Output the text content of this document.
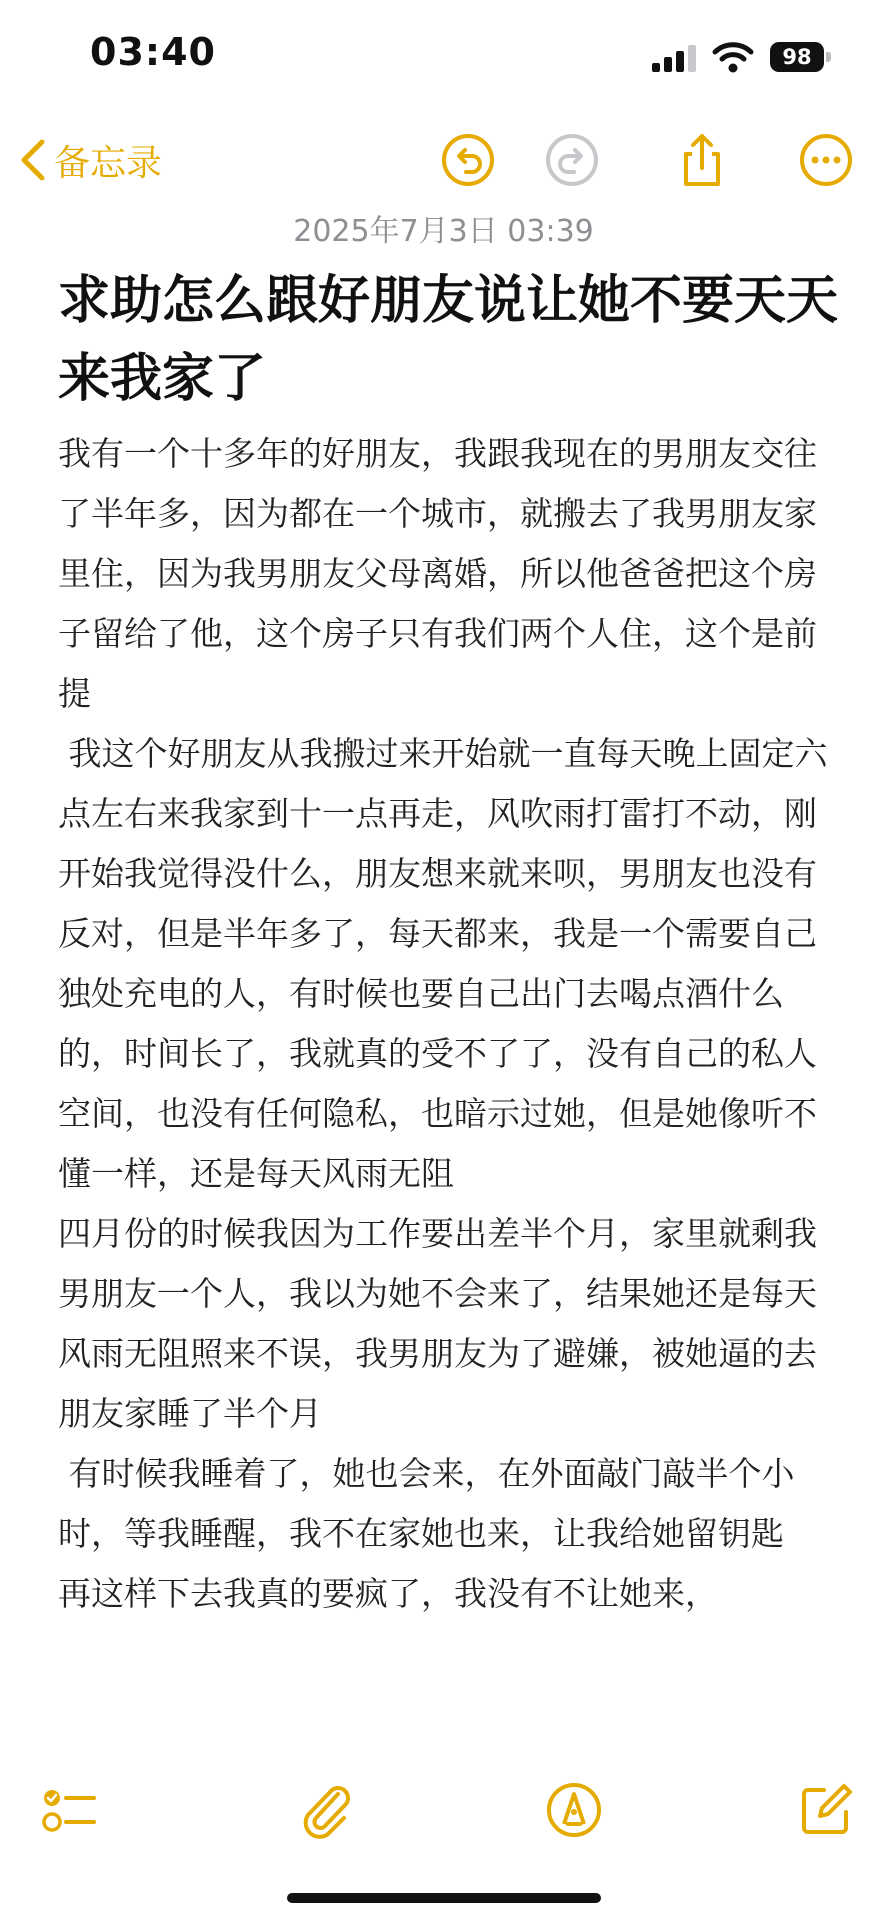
03:40	98
备忘录
2025年7月3日 03:39
求助怎么跟好朋友说让她不要天天来我家了

我有一个十多年的好朋友，我跟我现在的男朋友交往了半年多，因为都在一个城市，就搬去了我男朋友家里住，因为我男朋友父母离婚，所以他爸爸把这个房子留给了他，这个房子只有我们两个人住，这个是前提

我这个好朋友从我搬过来开始就一直每天晚上固定六点左右来我家到十一点再走，风吹雨打雷打不动，刚开始我觉得没什么，朋友想来就来呗，男朋友也没有反对，但是半年多了，每天都来，我是一个需要自己独处充电的人，有时候也要自己出门去喝点酒什么的，时间长了，我就真的受不了了，没有自己的私人空间，也没有任何隐私，也暗示过她，但是她像听不懂一样，还是每天风雨无阻

四月份的时候我因为工作要出差半个月，家里就剩我男朋友一个人，我以为她不会来了，结果她还是每天风雨无阻照来不误，我男朋友为了避嫌，被她逼的去朋友家睡了半个月

有时候我睡着了，她也会来，在外面敲门敲半个小时，等我睡醒，我不在家她也来，让我给她留钥匙

再这样下去我真的要疯了，我没有不让她来，
